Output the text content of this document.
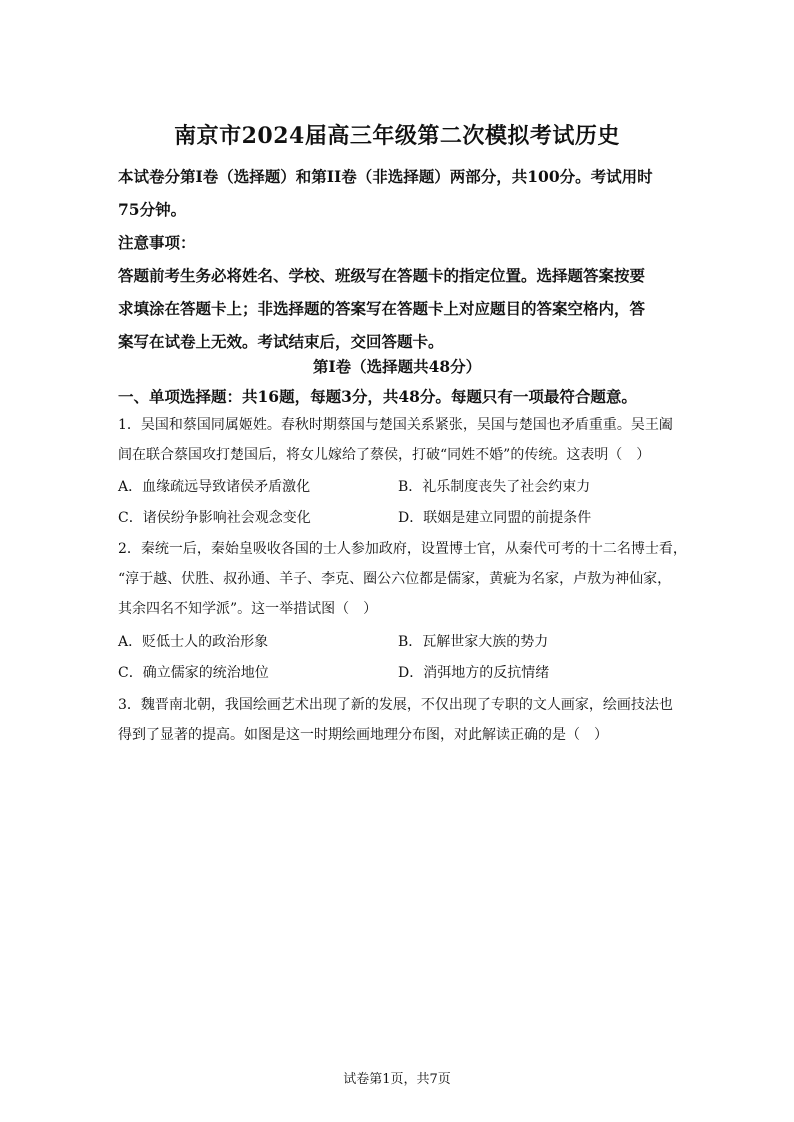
南京市2024届高三年级第二次模拟考试历史
本试卷分第I卷（选择题）和第II卷（非选择题）两部分，共100分。考试用时
75分钟。
注意事项：
答题前考生务必将姓名、学校、班级写在答题卡的指定位置。选择题答案按要
求填涂在答题卡上；非选择题的答案写在答题卡上对应题目的答案空格内，答
案写在试卷上无效。考试结束后，交回答题卡。
第I卷（选择题共48分）
一、单项选择题：共16题，每题3分，共48分。每题只有一项最符合题意。
1．吴国和蔡国同属姬姓。春秋时期蔡国与楚国关系紧张，吴国与楚国也矛盾重重。吴王阖
闾在联合蔡国攻打楚国后，将女儿嫁给了蔡侯，打破“同姓不婚”的传统。这表明（　）
A．血缘疏远导致诸侯矛盾激化	B．礼乐制度丧失了社会约束力
C．诸侯纷争影响社会观念变化	D．联姻是建立同盟的前提条件
2．秦统一后，秦始皇吸收各国的士人参加政府，设置博士官，从秦代可考的十二名博士看，
“淳于越、伏胜、叔孙通、羊子、李克、圈公六位都是儒家，黄疵为名家，卢敖为神仙家，
其余四名不知学派”。这一举措试图（　）
A．贬低士人的政治形象	B．瓦解世家大族的势力
C．确立儒家的统治地位	D．消弭地方的反抗情绪
3．魏晋南北朝，我国绘画艺术出现了新的发展，不仅出现了专职的文人画家，绘画技法也
得到了显著的提高。如图是这一时期绘画地理分布图，对此解读正确的是（　）
试卷第1页，共7页
